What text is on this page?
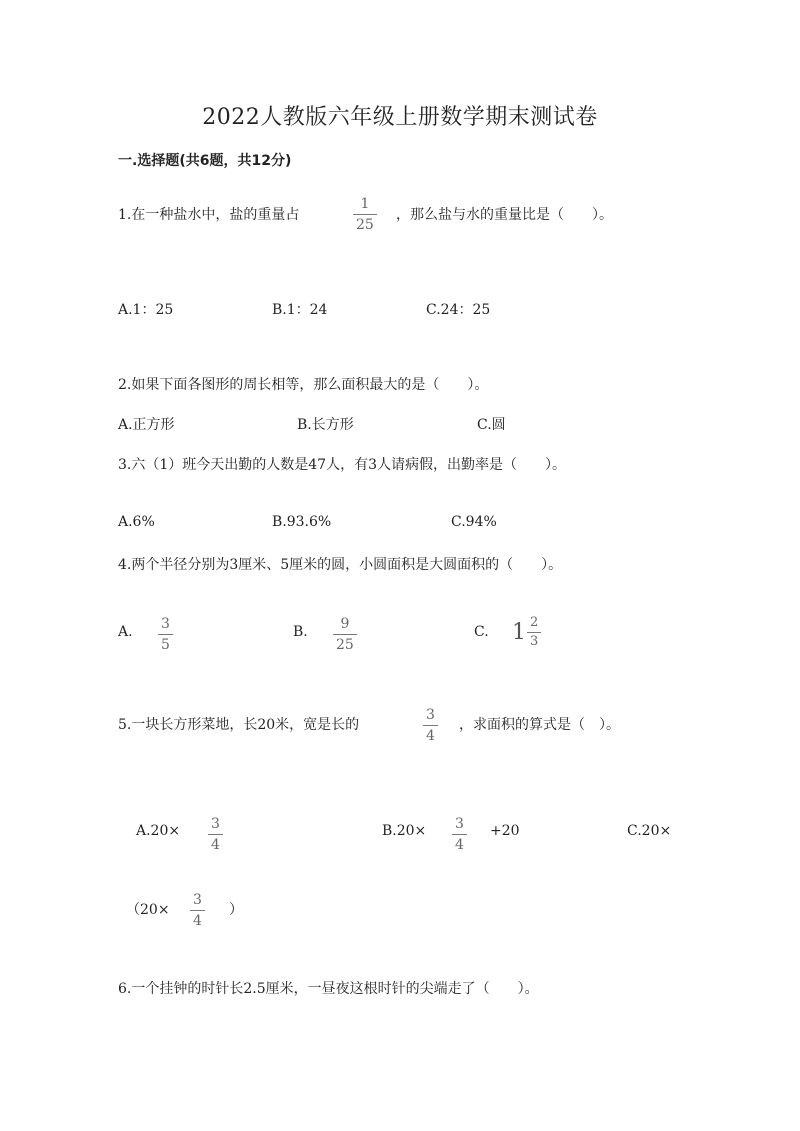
2022人教版六年级上册数学期末测试卷
一.选择题(共6题，共12分)
1.在一种盐水中，盐的重量占
1
25
，那么盐与水的重量比是（　　）。
A.1：25	B.1：24	C.24：25
2.如果下面各图形的周长相等，那么面积最大的是（　　）。
A.正方形	B.长方形	C.圆
3.六（1）班今天出勤的人数是47人，有3人请病假，出勤率是（　　）。
A.6%	B.93.6%	C.94%
4.两个半径分别为3厘米、5厘米的圆，小圆面积是大圆面积的（　　）。
A. 3
5
B. 9
25
C. $1 \frac{2}{3}$
5.一块长方形菜地，长20米，宽是长的
3
4
，求面积的算式是（　）。
A.20× 3
4
B.20× 3
4
+20	C.20×
（20×
3
4
）
6.一个挂钟的时针长2.5厘米，一昼夜这根时针的尖端走了（　　）。
